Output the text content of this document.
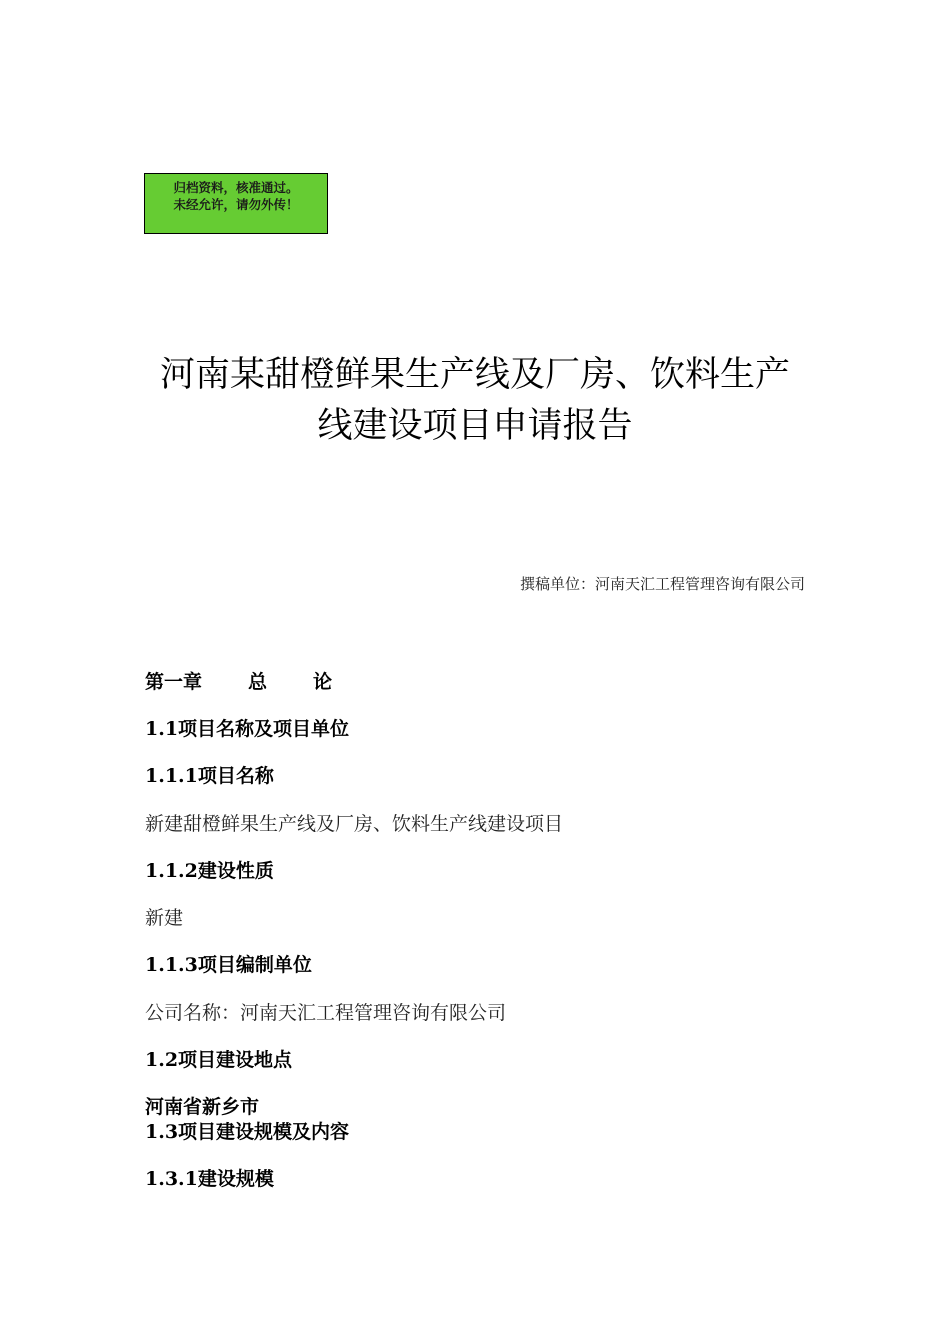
归档资料，核准通过。
未经允许，请勿外传！
河南某甜橙鲜果生产线及厂房、饮料生产
线建设项目申请报告
撰稿单位：河南天汇工程管理咨询有限公司
第一章 总 论
1.1项目名称及项目单位
1.1.1项目名称
新建甜橙鲜果生产线及厂房、饮料生产线建设项目
1.1.2建设性质
新建
1.1.3项目编制单位
公司名称：河南天汇工程管理咨询有限公司
1.2项目建设地点
河南省新乡市
1.3项目建设规模及内容
1.3.1建设规模
